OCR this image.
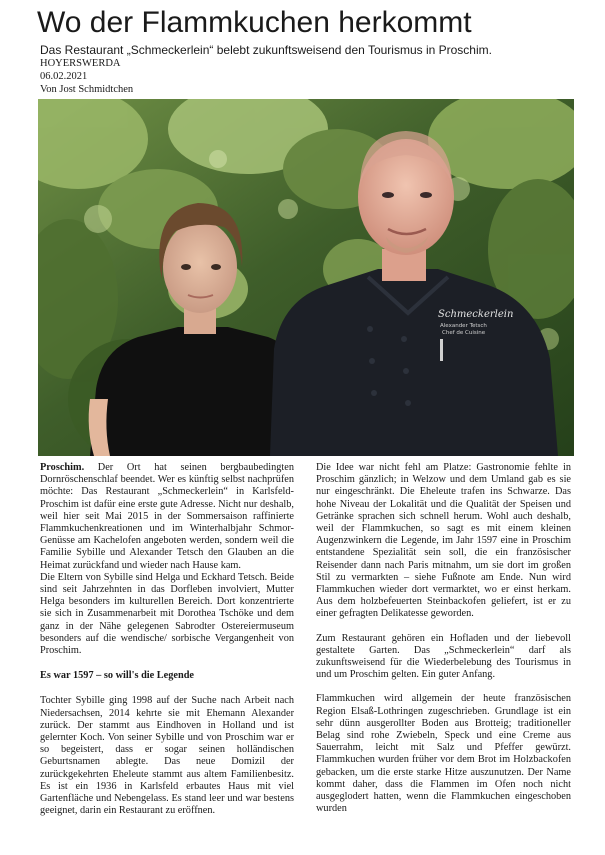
Wo der Flammkuchen herkommt
Das Restaurant „Schmeckerlein“ belebt zukunftsweisend den Tourismus in Proschim.
HOYERSWERDA
06.02.2021
Von Jost Schmidtchen
Schmeckerlein
Alexander Tetsch
Chef de Cuisine

Proschim. Der Ort hat seinen bergbaubedingten Dornröschenschlaf beendet. Wer es künftig selbst nachprüfen möchte: Das Restaurant „Schmeckerlein“ in Karlsfeld-Proschim ist dafür eine erste gute Adresse. Nicht nur deshalb, weil hier seit Mai 2015 in der Sommersaison raffinierte Flammkuchenkreationen und im Winterhalbjahr Schmor-Genüsse am Kachelofen angeboten werden, sondern weil die Familie Sybille und Alexander Tetsch den Glauben an die Heimat zurückfand und wieder nach Hause kam.

Die Eltern von Sybille sind Helga und Eckhard Tetsch. Beide sind seit Jahrzehnten in das Dorfleben involviert, Mutter Helga besonders im kulturellen Bereich. Dort konzentrierte sie sich in Zusammenarbeit mit Dorothea Tschöke und dem ganz in der Nähe gelegenen Sabrodter Ostereiermuseum besonders auf die wendische/ sorbische Vergangenheit von Proschim.

Es war 1597 – so will's die Legende

Tochter Sybille ging 1998 auf der Suche nach Arbeit nach Niedersachsen, 2014 kehrte sie mit Ehemann Alexander zurück. Der stammt aus Eindhoven in Holland und ist gelernter Koch. Von seiner Sybille und von Proschim war er so begeistert, dass er sogar seinen holländischen Geburtsnamen ablegte. Das neue Domizil der zurückgekehrten Eheleute stammt aus altem Familienbesitz. Es ist ein 1936 in Karlsfeld erbautes Haus mit viel Gartenfläche und Nebengelass. Es stand leer und war bestens geeignet, darin ein Restaurant zu eröffnen.

Die Idee war nicht fehl am Platze: Gastronomie fehlte in Proschim gänzlich; in Welzow und dem Umland gab es sie nur eingeschränkt. Die Eheleute trafen ins Schwarze. Das hohe Niveau der Lokalität und die Qualität der Speisen und Getränke sprachen sich schnell herum. Wohl auch deshalb, weil der Flammkuchen, so sagt es mit einem kleinen Augenzwinkern die Legende, im Jahr 1597 eine in Proschim entstandene Spezialität sein soll, die ein französischer Reisender dann nach Paris mitnahm, um sie dort im großen Stil zu vermarkten – siehe Fußnote am Ende. Nun wird Flammkuchen wieder dort vermarktet, wo er einst herkam. Aus dem holzbefeuerten Steinbackofen geliefert, ist er zu einer gefragten Delikatesse geworden.

Zum Restaurant gehören ein Hofladen und der liebevoll gestaltete Garten. Das „Schmeckerlein“ darf als zukunftsweisend für die Wiederbelebung des Tourismus in und um Proschim gelten. Ein guter Anfang.

Flammkuchen wird allgemein der heute französischen Region Elsaß-Lothringen zugeschrieben. Grundlage ist ein sehr dünn ausgerollter Boden aus Brotteig; traditioneller Belag sind rohe Zwiebeln, Speck und eine Creme aus Sauerrahm, leicht mit Salz und Pfeffer gewürzt. Flammkuchen wurden früher vor dem Brot im Holzbackofen gebacken, um die erste starke Hitze auszunutzen. Der Name kommt daher, dass die Flammen im Ofen noch nicht ausgeglodert hatten, wenn die Flammkuchen eingeschoben wurden
